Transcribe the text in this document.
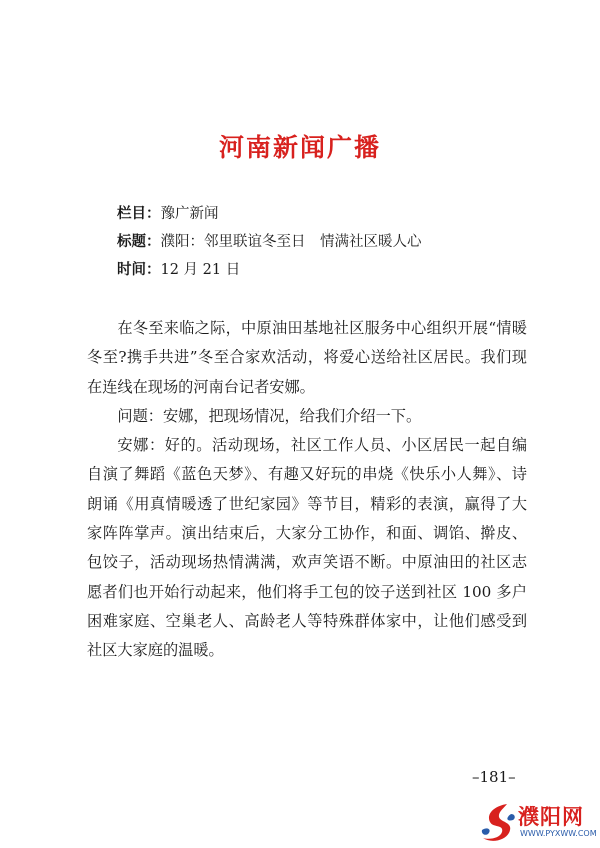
河南新闻广播
栏目：豫广新闻
标题：濮阳：邻里联谊冬至日　情满社区暖人心
时间：12 月 21 日

在冬至来临之际，中原油田基地社区服务中心组织开展“情暖冬至?携手共进”冬至合家欢活动，将爱心送给社区居民。我们现在连线在现场的河南台记者安娜。

问题：安娜，把现场情况，给我们介绍一下。

安娜：好的。活动现场，社区工作人员、小区居民一起自编自演了舞蹈《蓝色天梦》、有趣又好玩的串烧《快乐小人舞》、诗朗诵《用真情暖透了世纪家园》等节目，精彩的表演，赢得了大家阵阵掌声。演出结束后，大家分工协作，和面、调馅、擀皮、包饺子，活动现场热情满满，欢声笑语不断。中原油田的社区志愿者们也开始行动起来，他们将手工包的饺子送到社区 100 多户困难家庭、空巢老人、高龄老人等特殊群体家中，让他们感受到社区大家庭的温暖。

–181–
濮阳网
WWW.PYXWW.COM
